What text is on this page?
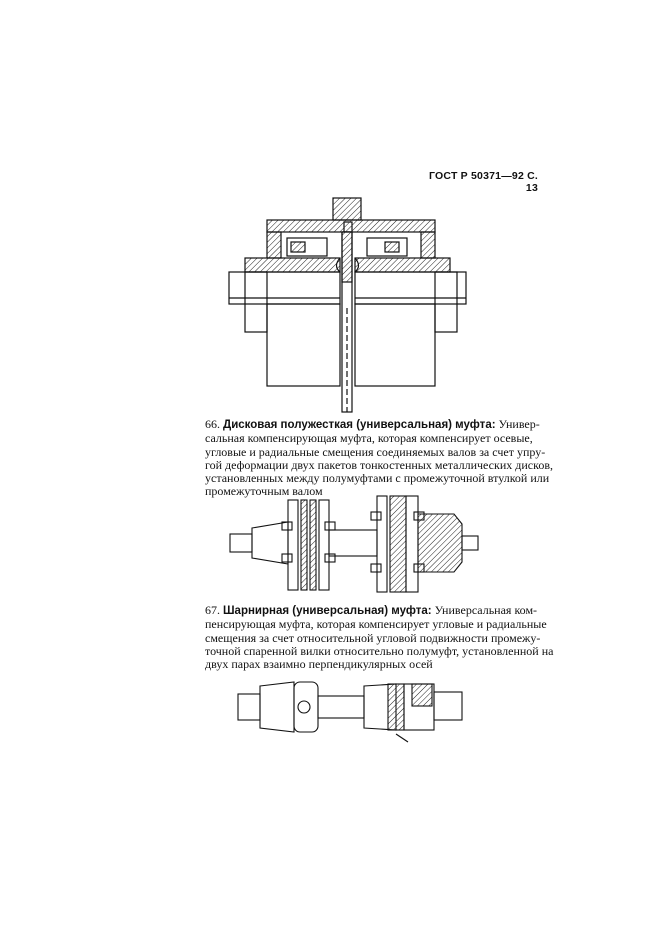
ГОСТ Р 50371—92 С. 13
66. Дисковая полужесткая (универсальная) муфта: Универ-
сальная компенсирующая муфта, которая компенсирует осевые,
угловые и радиальные смещения соединяемых валов за счет упру-
гой деформации двух пакетов тонкостенных металлических дисков,
установленных между полумуфтами с промежуточной втулкой или
промежуточным валом
67. Шарнирная (универсальная) муфта: Универсальная ком-
пенсирующая муфта, которая компенсирует угловые и радиальные
смещения за счет относительной угловой подвижности промежу-
точной спаренной вилки относительно полумуфт, установленной на
двух парах взаимно перпендикулярных осей
